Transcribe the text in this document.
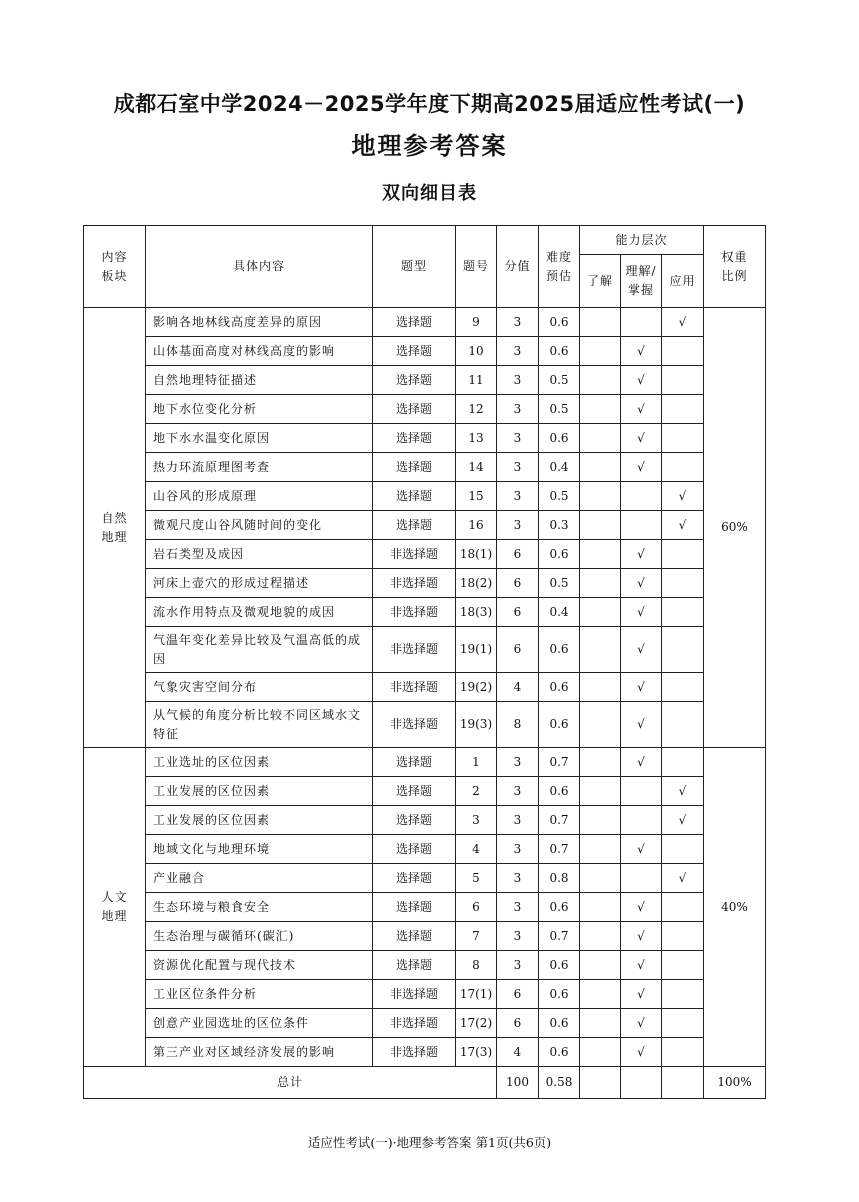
成都石室中学2024－2025学年度下期高2025届适应性考试(一)
地理参考答案
双向细目表
内容板块	具体内容	题型	题号	分值	难度预估	能力层次			权重比例
						了解	理解/掌握	应用	
自然地理	影响各地林线高度差异的原因	选择题	9	3	0.6			√	60%
	山体基面高度对林线高度的影响	选择题	10	3	0.6		√		
	自然地理特征描述	选择题	11	3	0.5		√		
	地下水位变化分析	选择题	12	3	0.5		√		
	地下水水温变化原因	选择题	13	3	0.6		√		
	热力环流原理图考查	选择题	14	3	0.4		√		
	山谷风的形成原理	选择题	15	3	0.5			√	
	微观尺度山谷风随时间的变化	选择题	16	3	0.3			√	
	岩石类型及成因	非选择题	18(1)	6	0.6		√		
	河床上壶穴的形成过程描述	非选择题	18(2)	6	0.5		√		
	流水作用特点及微观地貌的成因	非选择题	18(3)	6	0.4		√		
	气温年变化差异比较及气温高低的成因	非选择题	19(1)	6	0.6		√		
	气象灾害空间分布	非选择题	19(2)	4	0.6		√		
	从气候的角度分析比较不同区域水文特征	非选择题	19(3)	8	0.6		√		
人文地理	工业选址的区位因素	选择题	1	3	0.7		√		40%
	工业发展的区位因素	选择题	2	3	0.6			√	
	工业发展的区位因素	选择题	3	3	0.7			√	
	地域文化与地理环境	选择题	4	3	0.7		√		
	产业融合	选择题	5	3	0.8			√	
	生态环境与粮食安全	选择题	6	3	0.6		√		
	生态治理与碳循环(碳汇)	选择题	7	3	0.7		√		
	资源优化配置与现代技术	选择题	8	3	0.6		√		
	工业区位条件分析	非选择题	17(1)	6	0.6		√		
	创意产业园选址的区位条件	非选择题	17(2)	6	0.6		√		
	第三产业对区域经济发展的影响	非选择题	17(3)	4	0.6		√		
总计				100	0.58				100%
适应性考试(一)·地理参考答案 第1页(共6页)
